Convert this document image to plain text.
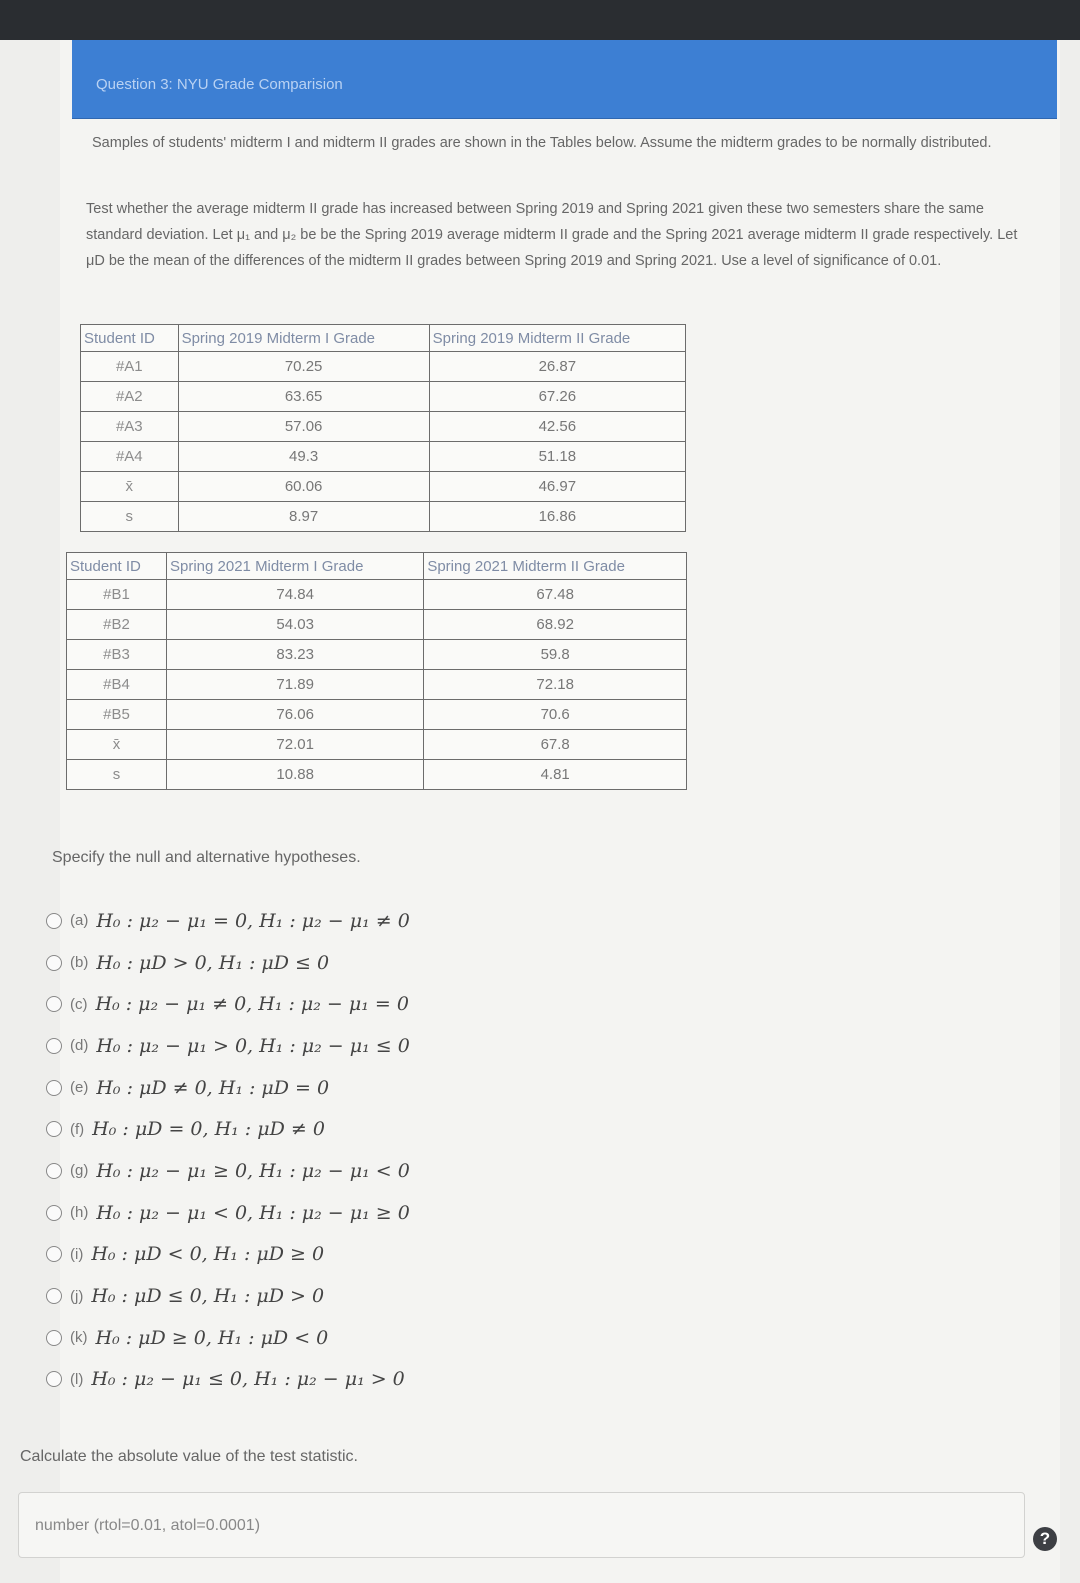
Question 3: NYU Grade Comparision
Samples of students' midterm I and midterm II grades are shown in the Tables below. Assume the midterm grades to be normally distributed.
Test whether the average midterm II grade has increased between Spring 2019 and Spring 2021 given these two semesters share the same standard deviation. Let μ₁ and μ₂ be be the Spring 2019 average midterm II grade and the Spring 2021 average midterm II grade respectively. Let μD be the mean of the differences of the midterm II grades between Spring 2019 and Spring 2021. Use a level of significance of 0.01.
Student ID	Spring 2019 Midterm I Grade	Spring 2019 Midterm II Grade
#A1	70.25	26.87
#A2	63.65	67.26
#A3	57.06	42.56
#A4	49.3	51.18
x̄	60.06	46.97
s	8.97	16.86
Student ID	Spring 2021 Midterm I Grade	Spring 2021 Midterm II Grade
#B1	74.84	67.48
#B2	54.03	68.92
#B3	83.23	59.8
#B4	71.89	72.18
#B5	76.06	70.6
x̄	72.01	67.8
s	10.88	4.81
Specify the null and alternative hypotheses.
(a) H₀ : μ₂ − μ₁ = 0, H₁ : μ₂ − μ₁ ≠ 0
(b) H₀ : μD > 0, H₁ : μD ≤ 0
(c) H₀ : μ₂ − μ₁ ≠ 0, H₁ : μ₂ − μ₁ = 0
(d) H₀ : μ₂ − μ₁ > 0, H₁ : μ₂ − μ₁ ≤ 0
(e) H₀ : μD ≠ 0, H₁ : μD = 0
(f) H₀ : μD = 0, H₁ : μD ≠ 0
(g) H₀ : μ₂ − μ₁ ≥ 0, H₁ : μ₂ − μ₁ < 0
(h) H₀ : μ₂ − μ₁ < 0, H₁ : μ₂ − μ₁ ≥ 0
(i) H₀ : μD < 0, H₁ : μD ≥ 0
(j) H₀ : μD ≤ 0, H₁ : μD > 0
(k) H₀ : μD ≥ 0, H₁ : μD < 0
(l) H₀ : μ₂ − μ₁ ≤ 0, H₁ : μ₂ − μ₁ > 0
Calculate the absolute value of the test statistic.
number (rtol=0.01, atol=0.0001)
?
